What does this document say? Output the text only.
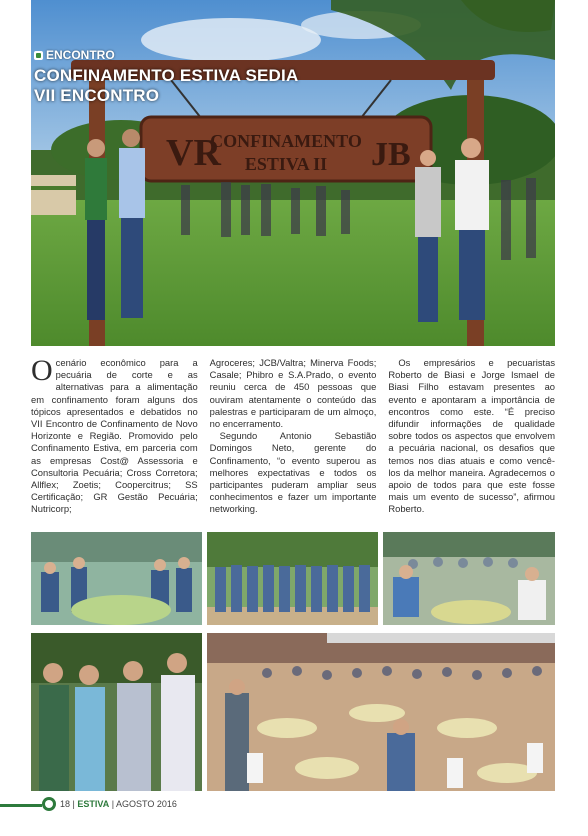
VR
CONFINAMENTO
ESTIVA II JB
ENCONTRO
CONFINAMENTO ESTIVA SEDIA
VII ENCONTRO

Ocenário econômico para a pecuária de corte e as alternativas para a alimentação em confinamento foram alguns dos tópicos apresentados e debatidos no VII Encontro de Confinamento de Novo Horizonte e Região. Promovido pelo Confinamento Estiva, em parceria com as empresas Cost@ Assessoria e Consultoria Pecuária; Cross Corretora; Allflex; Zoetis; Coopercitrus; SS Certificação; GR Gestão Pecuária; Nutricorp;

Agroceres; JCB/Valtra; Minerva Foods; Casale; Phibro e S.A.Prado, o evento reuniu cerca de 450 pessoas que ouviram atentamente o conteúdo das palestras e participaram de um almoço, no encerramento.

Segundo Antonio Sebastião Domingos Neto, gerente do Confinamento, “o evento superou as melhores expectativas e todos os participantes puderam ampliar seus conhecimentos e fazer um importante networking.

Os empresários e pecuaristas Roberto de Biasi e Jorge Ismael de Biasi Filho estavam presentes ao evento e apontaram a importância de encontros como este. “É preciso difundir informações de qualidade sobre todos os aspectos que envolvem a pecuária nacional, os desafios que temos nos dias atuais e como vencê-los da melhor maneira. Agradecemos o apoio de todos para que este fosse mais um evento de sucesso”, afirmou Roberto.

18 | ESTIVA | AGOSTO 2016
